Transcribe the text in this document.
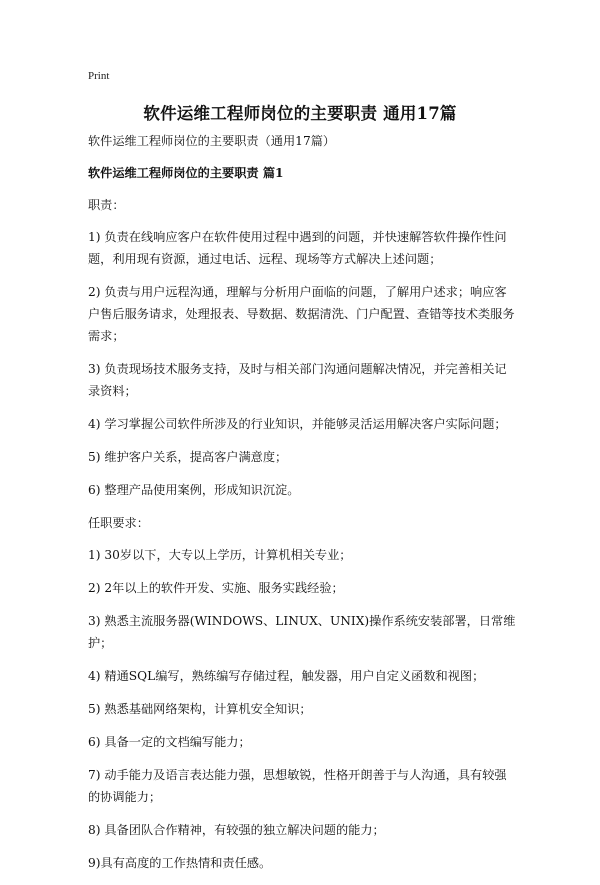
Print
软件运维工程师岗位的主要职责 通用17篇

软件运维工程师岗位的主要职责（通用17篇）

软件运维工程师岗位的主要职责 篇1

职责：

1) 负责在线响应客户在软件使用过程中遇到的问题，并快速解答软件操作性问题，利用现有资源，通过电话、远程、现场等方式解决上述问题；

2) 负责与用户远程沟通，理解与分析用户面临的问题，了解用户述求；响应客户售后服务请求，处理报表、导数据、数据清洗、门户配置、查错等技术类服务需求；

3) 负责现场技术服务支持，及时与相关部门沟通问题解决情况，并完善相关记录资料；

4) 学习掌握公司软件所涉及的行业知识，并能够灵活运用解决客户实际问题；

5) 维护客户关系，提高客户满意度；

6) 整理产品使用案例，形成知识沉淀。

任职要求：

1) 30岁以下，大专以上学历，计算机相关专业；

2) 2年以上的软件开发、实施、服务实践经验；

3) 熟悉主流服务器(WINDOWS、LINUX、UNIX)操作系统安装部署，日常维护；

4) 精通SQL编写，熟练编写存储过程，触发器，用户自定义函数和视图；

5) 熟悉基础网络架构，计算机安全知识；

6) 具备一定的文档编写能力；

7) 动手能力及语言表达能力强，思想敏锐，性格开朗善于与人沟通，具有较强的协调能力；

8) 具备团队合作精神，有较强的独立解决问题的能力；

9)具有高度的工作热情和责任感。
